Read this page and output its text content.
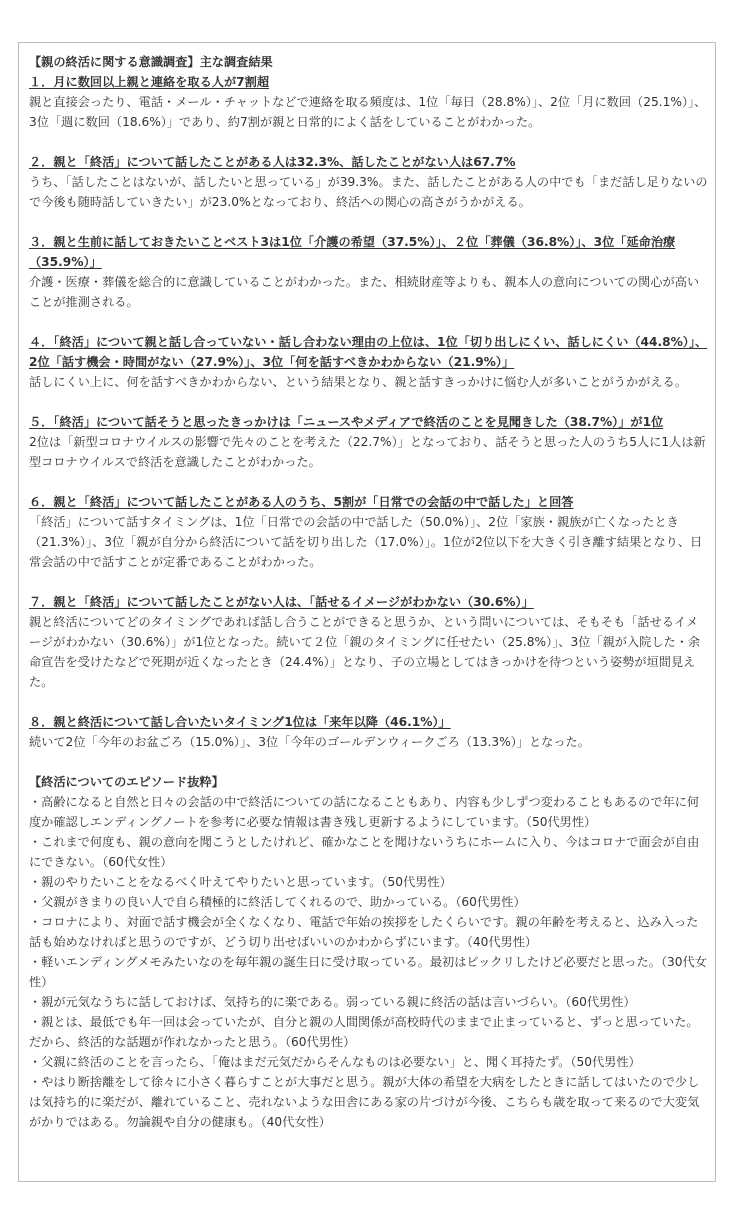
【親の終活に関する意識調査】主な調査結果

１．月に数回以上親と連絡を取る人が7割超

親と直接会ったり、電話・メール・チャットなどで連絡を取る頻度は、1位「毎日（28.8%）」、2位「月に数回（25.1%）」、3位「週に数回（18.6%）」であり、約7割が親と日常的によく話をしていることがわかった。

２．親と「終活」について話したことがある人は32.3%、話したことがない人は67.7%

うち、「話したことはないが、話したいと思っている」が39.3%。また、話したことがある人の中でも「まだ話し足りないので今後も随時話していきたい」が23.0%となっており、終活への関心の高さがうかがえる。

３．親と生前に話しておきたいことベスト3は1位「介護の希望（37.5%）」、２位「葬儀（36.8%）」、3位「延命治療（35.9%）」

介護・医療・葬儀を総合的に意識していることがわかった。また、相続財産等よりも、親本人の意向についての関心が高いことが推測される。

４．「終活」について親と話し合っていない・話し合わない理由の上位は、1位「切り出しにくい、話しにくい（44.8%）」、2位「話す機会・時間がない（27.9%）」、3位「何を話すべきかわからない（21.9%）」

話しにくい上に、何を話すべきかわからない、という結果となり、親と話すきっかけに悩む人が多いことがうかがえる。

５．「終活」について話そうと思ったきっかけは「ニュースやメディアで終活のことを見聞きした（38.7%）」が1位

2位は「新型コロナウイルスの影響で先々のことを考えた（22.7%）」となっており、話そうと思った人のうち5人に1人は新型コロナウイルスで終活を意識したことがわかった。

６．親と「終活」について話したことがある人のうち、5割が「日常での会話の中で話した」と回答

「終活」について話すタイミングは、1位「日常での会話の中で話した（50.0%）」、2位「家族・親族が亡くなったとき（21.3%）」、3位「親が自分から終活について話を切り出した（17.0%）」。1位が2位以下を大きく引き離す結果となり、日常会話の中で話すことが定番であることがわかった。

７．親と「終活」について話したことがない人は、「話せるイメージがわかない（30.6%）」

親と終活についてどのタイミングであれば話し合うことができると思うか、という問いについては、そもそも「話せるイメージがわかない（30.6%）」が1位となった。続いて２位「親のタイミングに任せたい（25.8%）」、3位「親が入院した・余命宣告を受けたなどで死期が近くなったとき（24.4%）」となり、子の立場としてはきっかけを待つという姿勢が垣間見えた。

８．親と終活について話し合いたいタイミング1位は「来年以降（46.1%）」

続いて2位「今年のお盆ごろ（15.0%）」、3位「今年のゴールデンウィークごろ（13.3%）」となった。

【終活についてのエピソード抜粋】

・高齢になると自然と日々の会話の中で終活についての話になることもあり、内容も少しずつ変わることもあるので年に何度か確認しエンディングノートを参考に必要な情報は書き残し更新するようにしています。（50代男性）

・これまで何度も、親の意向を聞こうとしたけれど、確かなことを聞けないうちにホームに入り、今はコロナで面会が自由にできない。（60代女性）

・親のやりたいことをなるべく叶えてやりたいと思っています。（50代男性）

・父親がきまりの良い人で自ら積極的に終活してくれるので、助かっている。（60代男性）

・コロナにより、対面で話す機会が全くなくなり、電話で年始の挨拶をしたくらいです。親の年齢を考えると、込み入った話も始めなければと思うのですが、どう切り出せばいいのかわからずにいます。（40代男性）

・軽いエンディングメモみたいなのを毎年親の誕生日に受け取っている。最初はビックリしたけど必要だと思った。（30代女性）

・親が元気なうちに話しておけば、気持ち的に楽である。弱っている親に終活の話は言いづらい。（60代男性）

・親とは、最低でも年一回は会っていたが、自分と親の人間関係が高校時代のままで止まっていると、ずっと思っていた。だから、終活的な話題が作れなかったと思う。（60代男性）

・父親に終活のことを言ったら、「俺はまだ元気だからそんなものは必要ない」と、聞く耳持たず。（50代男性）

・やはり断捨離をして徐々に小さく暮らすことが大事だと思う。親が大体の希望を大病をしたときに話してはいたので少しは気持ち的に楽だが、離れていること、売れないような田舎にある家の片づけが今後、こちらも歳を取って来るので大変気がかりではある。勿論親や自分の健康も。（40代女性）
